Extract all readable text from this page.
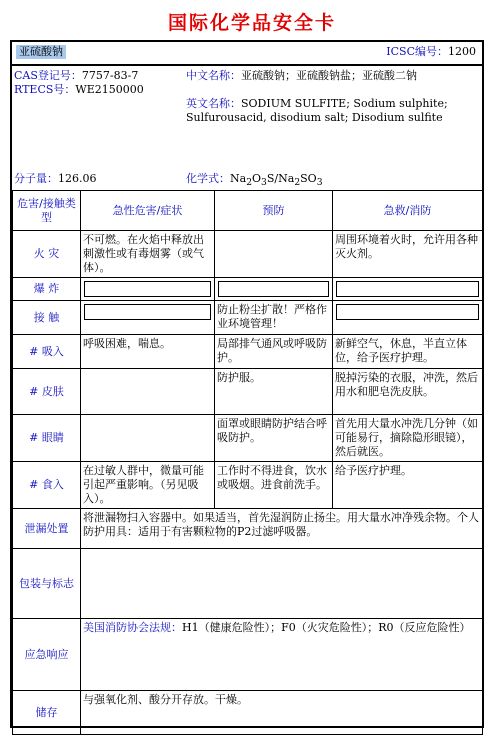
国际化学品安全卡
亚硫酸钠	ICSC编号：1200
CAS登记号：7757-83-7
RTECS号：WE2150000
中文名称：亚硫酸钠；亚硫酸钠盐；亚硫酸二钠
英文名称：SODIUM SULFITE; Sodium sulphite; Sulfurousacid, disodium salt; Disodium sulfite
分子量：126.06	化学式：$Na_2O_3S/Na_2SO_3$
危害/接触类型	急性危害/症状	预防	急救/消防
火 灾	不可燃。在火焰中释放出刺激性或有毒烟雾（或气体）。		周围环境着火时，允许用各种灭火剂。
爆 炸	

接 触		防止粉尘扩散！严格作业环境管理！	

# 吸入	呼吸困难，喘息。	局部排气通风或呼吸防护。	新鲜空气，休息，半直立体位，给予医疗护理。
# 皮肤		防护服。	脱掉污染的衣服，冲洗，然后用水和肥皂洗皮肤。
# 眼睛		面罩或眼睛防护结合呼吸防护。	首先用大量水冲洗几分钟（如可能易行，摘除隐形眼镜），然后就医。
# 食入	在过敏人群中，微量可能引起严重影响。（另见吸入）。	工作时不得进食，饮水或吸烟。进食前洗手。	给予医疗护理。
泄漏处置	将泄漏物扫入容器中。如果适当，首先湿润防止扬尘。用大量水冲净残余物。个人防护用具：适用于有害颗粒物的P2过滤呼吸器。		
包装与标志			
应急响应	美国消防协会法规：H1（健康危险性）；F0（火灾危险性）；R0（反应危险性）		
储存	与强氧化剂、酸分开存放。干燥。		
